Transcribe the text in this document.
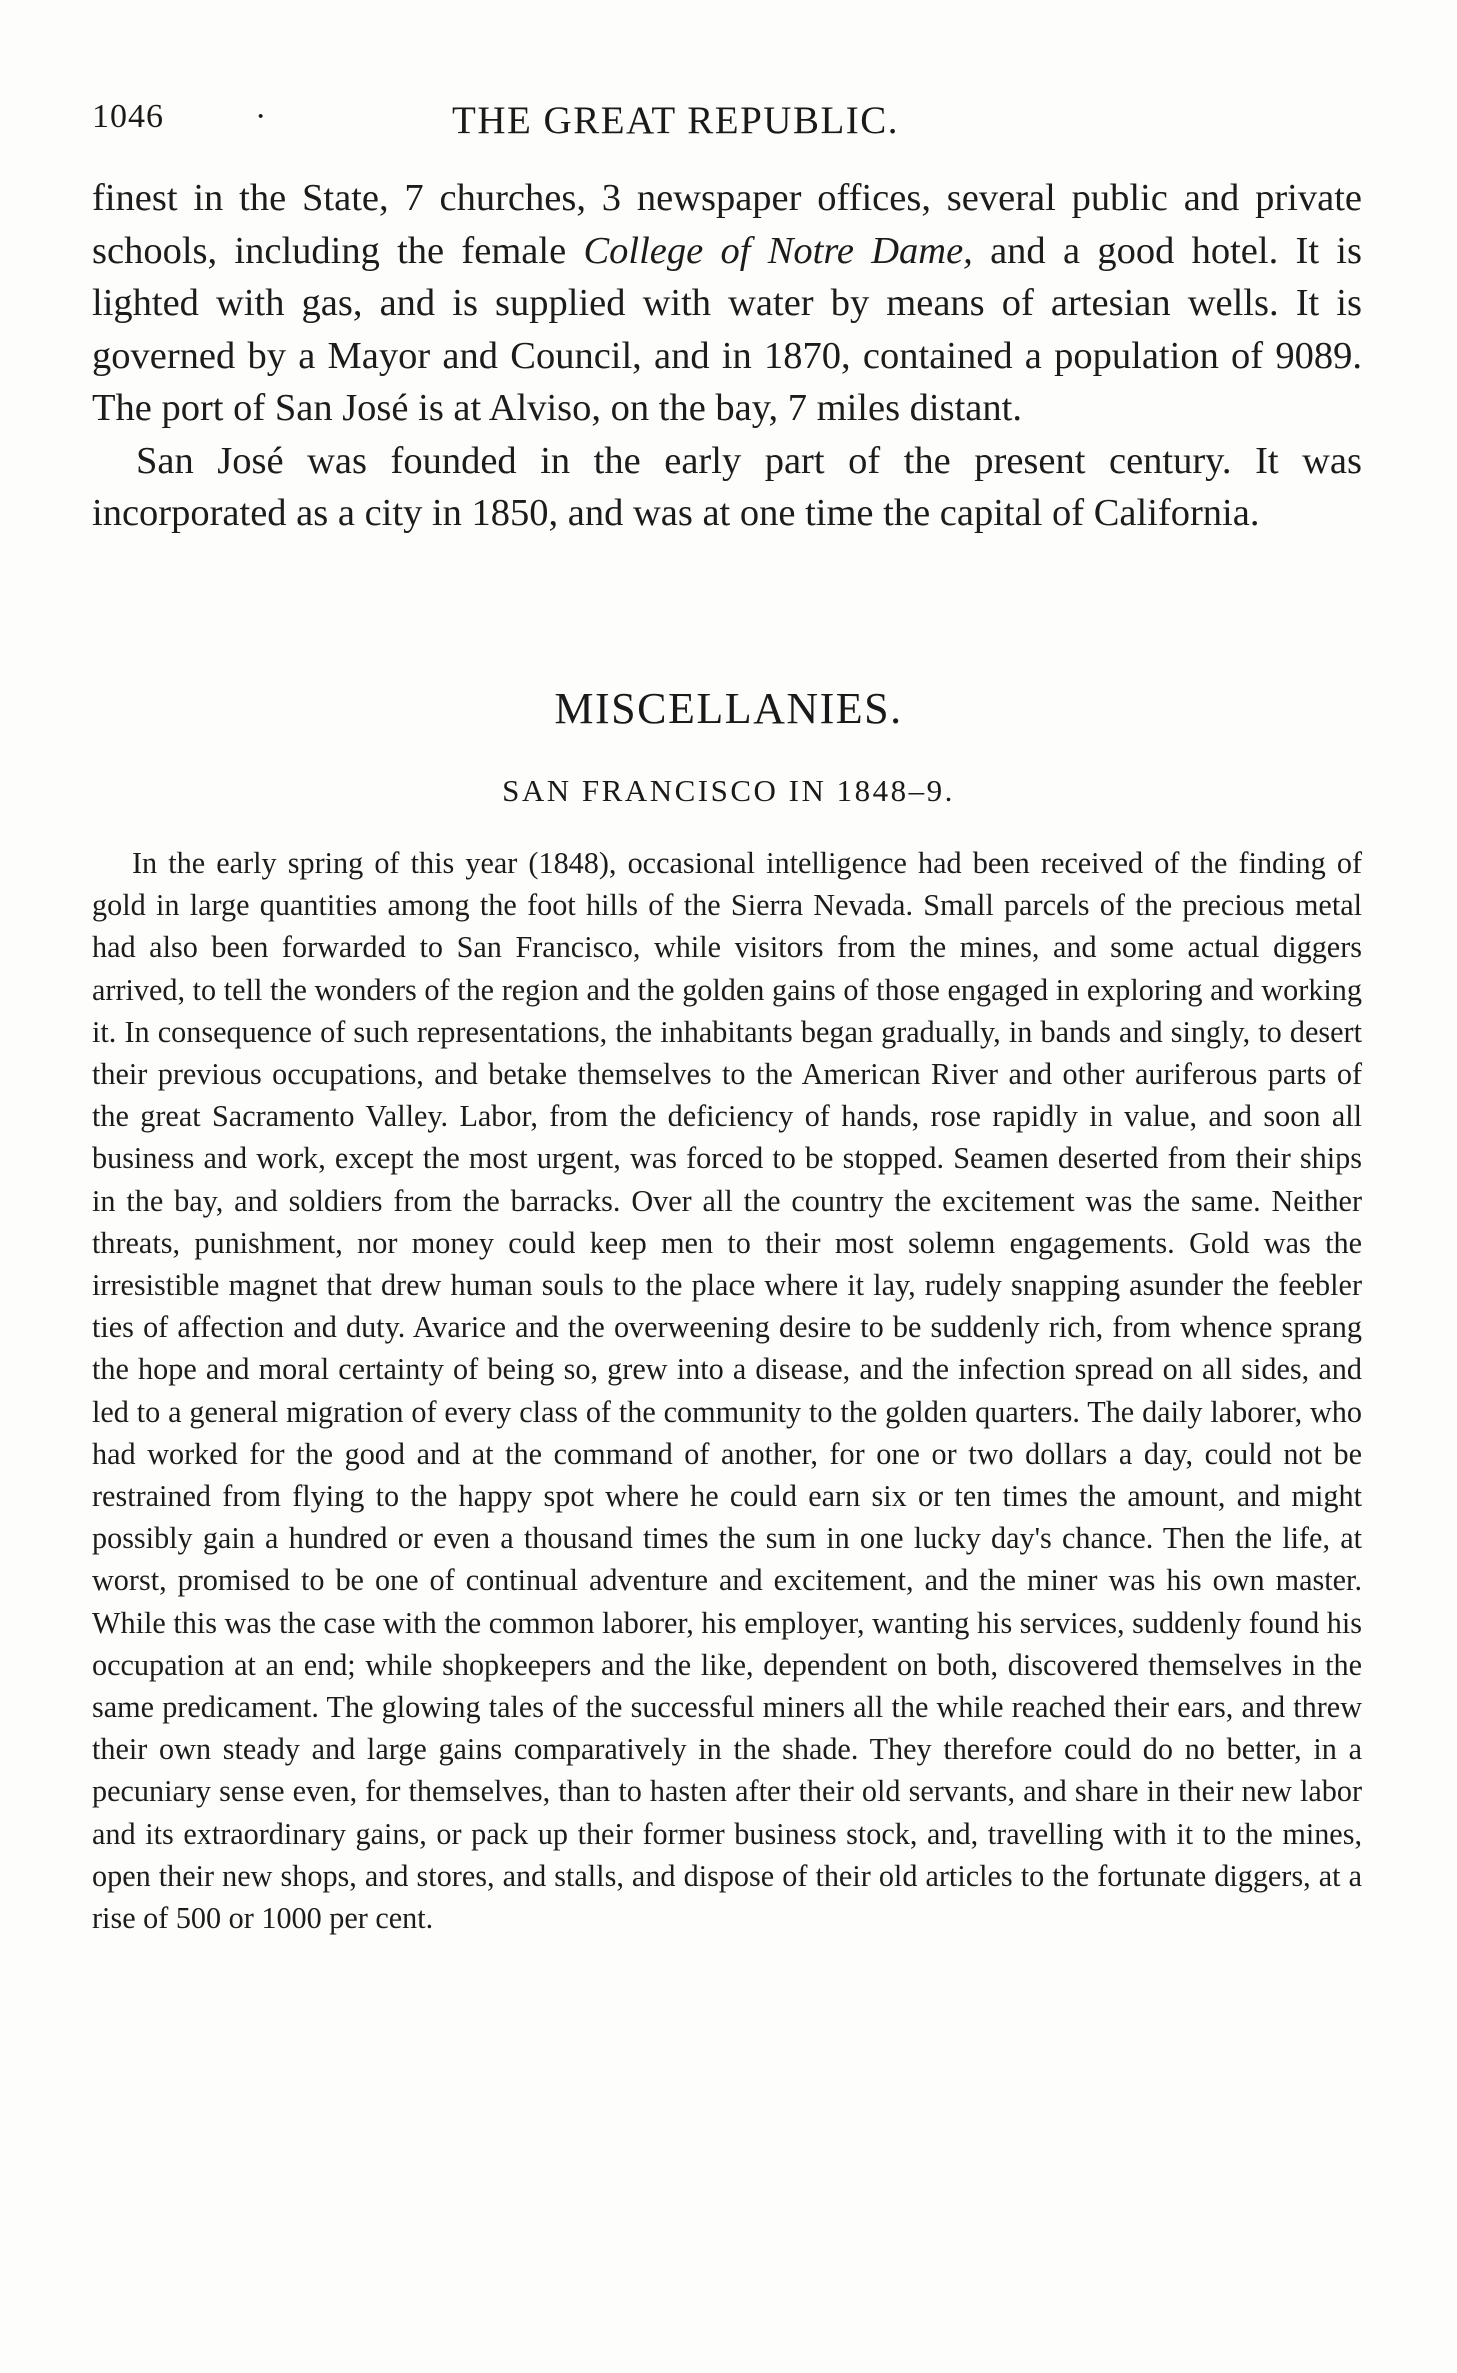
1046	·	THE GREAT REPUBLIC.

finest in the State, 7 churches, 3 newspaper offices, several public and private schools, including the female College of Notre Dame, and a good hotel. It is lighted with gas, and is supplied with water by means of artesian wells. It is governed by a Mayor and Council, and in 1870, contained a population of 9089. The port of San José is at Alviso, on the bay, 7 miles distant.

San José was founded in the early part of the present century. It was incorporated as a city in 1850, and was at one time the capital of California.

MISCELLANIES.
SAN FRANCISCO IN 1848–9.

In the early spring of this year (1848), occasional intelligence had been received of the finding of gold in large quantities among the foot hills of the Sierra Nevada. Small parcels of the precious metal had also been forwarded to San Francisco, while visitors from the mines, and some actual diggers arrived, to tell the wonders of the region and the golden gains of those engaged in exploring and working it. In consequence of such representations, the inhabitants began gradually, in bands and singly, to desert their previous occupations, and betake themselves to the American River and other auriferous parts of the great Sacramento Valley. Labor, from the deficiency of hands, rose rapidly in value, and soon all business and work, except the most urgent, was forced to be stopped. Seamen deserted from their ships in the bay, and soldiers from the barracks. Over all the country the excitement was the same. Neither threats, punishment, nor money could keep men to their most solemn engagements. Gold was the irresistible magnet that drew human souls to the place where it lay, rudely snapping asunder the feebler ties of affection and duty. Avarice and the overweening desire to be suddenly rich, from whence sprang the hope and moral certainty of being so, grew into a disease, and the infection spread on all sides, and led to a general migration of every class of the community to the golden quarters. The daily laborer, who had worked for the good and at the command of another, for one or two dollars a day, could not be restrained from flying to the happy spot where he could earn six or ten times the amount, and might possibly gain a hundred or even a thousand times the sum in one lucky day's chance. Then the life, at worst, promised to be one of continual adventure and excitement, and the miner was his own master. While this was the case with the common laborer, his employer, wanting his services, suddenly found his occupation at an end; while shopkeepers and the like, dependent on both, discovered themselves in the same predicament. The glowing tales of the successful miners all the while reached their ears, and threw their own steady and large gains comparatively in the shade. They therefore could do no better, in a pecuniary sense even, for themselves, than to hasten after their old servants, and share in their new labor and its extraordinary gains, or pack up their former business stock, and, travelling with it to the mines, open their new shops, and stores, and stalls, and dispose of their old articles to the fortunate diggers, at a rise of 500 or 1000 per cent.
